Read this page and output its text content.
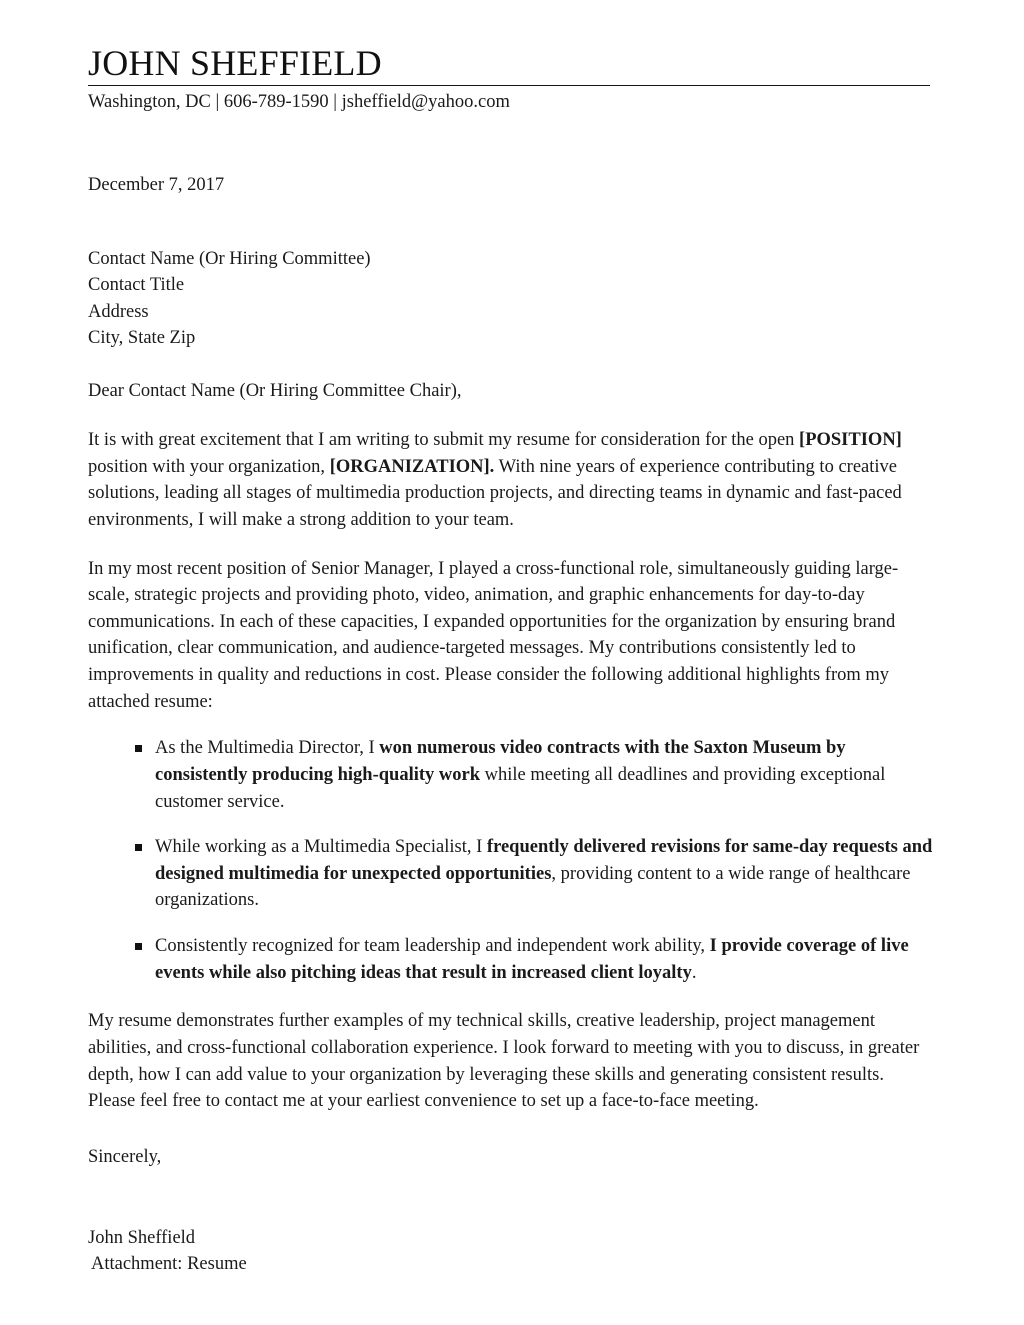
JOHN SHEFFIELD
Washington, DC | 606-789-1590 | jsheffield@yahoo.com
December 7, 2017
Contact Name (Or Hiring Committee)
Contact Title
Address
City, State Zip
Dear Contact Name (Or Hiring Committee Chair),

It is with great excitement that I am writing to submit my resume for consideration for the open [POSITION] position with your organization, [ORGANIZATION]. With nine years of experience contributing to creative solutions, leading all stages of multimedia production projects, and directing teams in dynamic and fast-paced environments, I will make a strong addition to your team.

In my most recent position of Senior Manager, I played a cross-functional role, simultaneously guiding large-scale, strategic projects and providing photo, video, animation, and graphic enhancements for day-to-day communications. In each of these capacities, I expanded opportunities for the organization by ensuring brand unification, clear communication, and audience-targeted messages. My contributions consistently led to improvements in quality and reductions in cost. Please consider the following additional highlights from my attached resume:

As the Multimedia Director, I won numerous video contracts with the Saxton Museum by consistently producing high-quality work while meeting all deadlines and providing exceptional customer service.
While working as a Multimedia Specialist, I frequently delivered revisions for same-day requests and designed multimedia for unexpected opportunities, providing content to a wide range of healthcare organizations.
Consistently recognized for team leadership and independent work ability, I provide coverage of live events while also pitching ideas that result in increased client loyalty.

My resume demonstrates further examples of my technical skills, creative leadership, project management abilities, and cross-functional collaboration experience. I look forward to meeting with you to discuss, in greater depth, how I can add value to your organization by leveraging these skills and generating consistent results. Please feel free to contact me at your earliest convenience to set up a face-to-face meeting.

Sincerely,
John Sheffield
Attachment: Resume
